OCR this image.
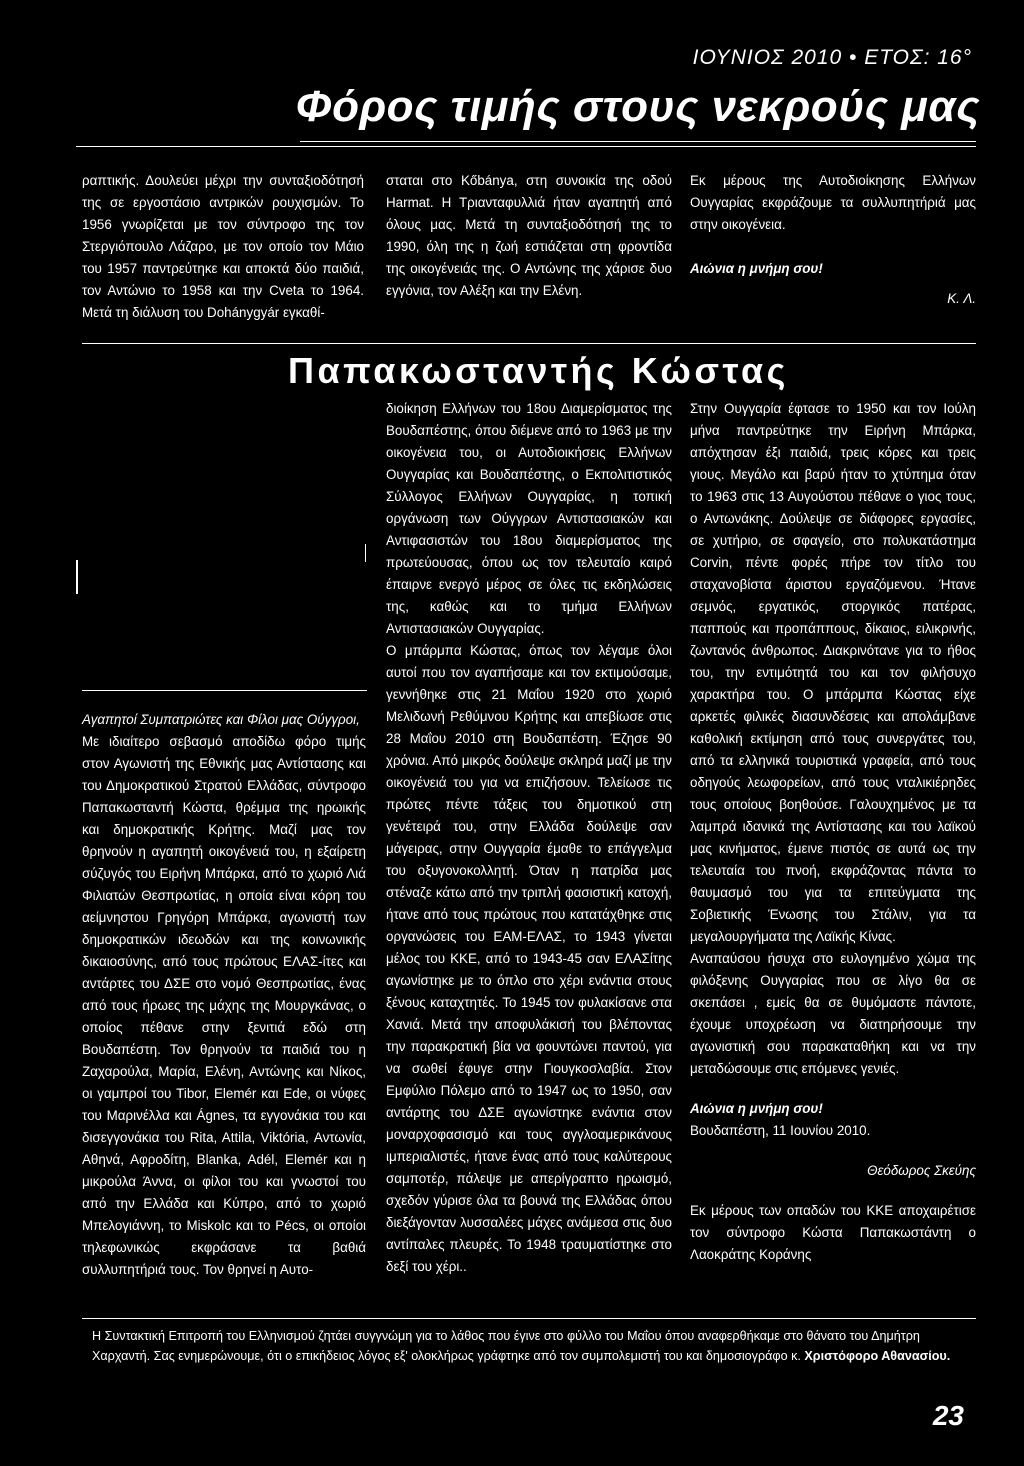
ΙΟΥΝΙΟΣ 2010 • ΕΤΟΣ: 16°
Φόρος τιμής στους νεκρούς μας

ραπτικής. Δουλεύει μέχρι την συνταξιοδότησή της σε εργοστάσιο αντρικών ρουχισμών. Το 1956 γνωρίζεται με τον σύντροφο της τον Στεργιόπουλο Λάζαρο, με τον οποίο τον Μάιο του 1957 παντρεύτηκε και αποκτά δύο παιδιά, τον Αντώνιο το 1958 και την Cveta το 1964. Μετά τη διάλυση του Dohánygyár εγκαθί-

σταται στο Kőbánya, στη συνοικία της οδού Harmat. Η Τριανταφυλλιά ήταν αγαπητή από όλους μας. Μετά τη συνταξιοδότησή της το 1990, όλη της η ζωή εστιάζεται στη φροντίδα της οικογένειάς της. Ο Αντώνης της χάρισε δυο εγγόνια, τον Αλέξη και την Ελένη.

Εκ μέρους της Αυτοδιοίκησης Ελλήνων Ουγγαρίας εκφράζουμε τα συλλυπητήριά μας στην οικογένεια.

Αιώνια η μνήμη σου!

Κ. Λ.

Παπακωσταντής Κώστας

Αγαπητοί Συμπατριώτες και Φίλοι μας Ούγγροι,

Με ιδιαίτερο σεβασμό αποδίδω φόρο τιμής στον Αγωνιστή της Εθνικής μας Αντίστασης και του Δημοκρατικού Στρατού Ελλάδας, σύντροφο Παπακωσταντή Κώστα, θρέμμα της ηρωικής και δημοκρατικής Κρήτης. Μαζί μας τον θρηνούν η αγαπητή οικογένειά του, η εξαίρετη σύζυγός του Ειρήνη Μπάρκα, από το χωριό Λιά Φιλιατών Θεσπρωτίας, η οποία είναι κόρη του αείμνηστου Γρηγόρη Μπάρκα, αγωνιστή των δημοκρατικών ιδεωδών και της κοινωνικής δικαιοσύνης, από τους πρώτους ΕΛΑΣ-ίτες και αντάρτες του ΔΣΕ στο νομό Θεσπρωτίας, ένας από τους ήρωες της μάχης της Μουργκάνας, ο οποίος πέθανε στην ξενιτιά εδώ στη Βουδαπέστη. Τον θρηνούν τα παιδιά του η Ζαχαρούλα, Μαρία, Ελένη, Αντώνης και Νίκος, οι γαμπροί του Tibor, Elemér και Ede, οι νύφες του Μαρινέλλα και Ágnes, τα εγγονάκια του και δισεγγονάκια του Rita, Attila, Viktória, Αντωνία, Αθηνά, Αφροδίτη, Blanka, Adél, Elemér και η μικρούλα Άννα, οι φίλοι του και γνωστοί του από την Ελλάδα και Κύπρο, από το χωριό Μπελογιάννη, το Miskolc και το Pécs, οι οποίοι τηλεφωνικώς εκφράσανε τα βαθιά συλλυπητήριά τους. Τον θρηνεί η Αυτο-

διοίκηση Ελλήνων του 18ου Διαμερίσματος της Βουδαπέστης, όπου διέμενε από το 1963 με την οικογένεια του, οι Αυτοδιοικήσεις Ελλήνων Ουγγαρίας και Βουδαπέστης, ο Εκπολιτιστικός Σύλλογος Ελλήνων Ουγγαρίας, η τοπική οργάνωση των Ούγγρων Αντιστασιακών και Αντιφασιστών του 18ου διαμερίσματος της πρωτεύουσας, όπου ως τον τελευταίο καιρό έπαιρνε ενεργό μέρος σε όλες τις εκδηλώσεις της, καθώς και το τμήμα Ελλήνων Αντιστασιακών Ουγγαρίας.

Ο μπάρμπα Κώστας, όπως τον λέγαμε όλοι αυτοί που τον αγαπήσαμε και τον εκτιμούσαμε, γεννήθηκε στις 21 Μαΐου 1920 στο χωριό Μελιδωνή Ρεθύμνου Κρήτης και απεβίωσε στις 28 Μαΐου 2010 στη Βουδαπέστη. Έζησε 90 χρόνια. Από μικρός δούλεψε σκληρά μαζί με την οικογένειά του για να επιζήσουν. Τελείωσε τις πρώτες πέντε τάξεις του δημοτικού στη γενέτειρά του, στην Ελλάδα δούλεψε σαν μάγειρας, στην Ουγγαρία έμαθε το επάγγελμα του οξυγονοκολλητή. Όταν η πατρίδα μας στέναζε κάτω από την τριπλή φασιστική κατοχή, ήτανε από τους πρώτους που κατατάχθηκε στις οργανώσεις του ΕΑΜ-ΕΛΑΣ, το 1943 γίνεται μέλος του ΚΚΕ, από το 1943-45 σαν ΕΛΑΣίτης αγωνίστηκε με το όπλο στο χέρι ενάντια στους ξένους καταχτητές. Το 1945 τον φυλακίσανε στα Χανιά. Μετά την αποφυλάκισή του βλέποντας την παρακρατική βία να φουντώνει παντού, για να σωθεί έφυγε στην Γιουγκοσλαβία. Στον Εμφύλιο Πόλεμο από το 1947 ως το 1950, σαν αντάρτης του ΔΣΕ αγωνίστηκε ενάντια στον μοναρχοφασισμό και τους αγγλοαμερικάνους ιμπεριαλιστές, ήτανε ένας από τους καλύτερους σαμποτέρ, πάλεψε με απερίγραπτο ηρωισμό, σχεδόν γύρισε όλα τα βουνά της Ελλάδας όπου διεξάγονταν λυσσαλέες μάχες ανάμεσα στις δυο αντίπαλες πλευρές. Το 1948 τραυματίστηκε στο δεξί του χέρι..

Στην Ουγγαρία έφτασε το 1950 και τον Ιούλη μήνα παντρεύτηκε την Ειρήνη Μπάρκα, απόχτησαν έξι παιδιά, τρεις κόρες και τρεις γιους. Μεγάλο και βαρύ ήταν το χτύπημα όταν το 1963 στις 13 Αυγούστου πέθανε ο γιος τους, ο Αντωνάκης. Δούλεψε σε διάφορες εργασίες, σε χυτήριο, σε σφαγείο, στο πολυκατάστημα Corvin, πέντε φορές πήρε τον τίτλο του σταχανοβίστα άριστου εργαζόμενου. Ήτανε σεμνός, εργατικός, στοργικός πατέρας, παππούς και προπάππους, δίκαιος, ειλικρινής, ζωντανός άνθρωπος. Διακρινότανε για το ήθος του, την εντιμότητά του και τον φιλήσυχο χαρακτήρα του. Ο μπάρμπα Κώστας είχε αρκετές φιλικές διασυνδέσεις και απολάμβανε καθολική εκτίμηση από τους συνεργάτες του, από τα ελληνικά τουριστικά γραφεία, από τους οδηγούς λεωφορείων, από τους νταλικιέρηδες τους οποίους βοηθούσε. Γαλουχημένος με τα λαμπρά ιδανικά της Αντίστασης και του λαϊκού μας κινήματος, έμεινε πιστός σε αυτά ως την τελευταία του πνοή, εκφράζοντας πάντα το θαυμασμό του για τα επιτεύγματα της Σοβιετικής Ένωσης του Στάλιν, για τα μεγαλουργήματα της Λαϊκής Κίνας.

Αναπαύσου ήσυχα στο ευλογημένο χώμα της φιλόξενης Ουγγαρίας που σε λίγο θα σε σκεπάσει , εμείς θα σε θυμόμαστε πάντοτε, έχουμε υποχρέωση να διατηρήσουμε την αγωνιστική σου παρακαταθήκη και να την μεταδώσουμε στις επόμενες γενιές.

Αιώνια η μνήμη σου!

Βουδαπέστη, 11 Ιουνίου 2010.

Θεόδωρος Σκεύης

Εκ μέρους των οπαδών του ΚΚΕ αποχαιρέτισε τον σύντροφο Κώστα Παπακωστάντη ο Λαοκράτης Κοράνης

Η Συντακτική Επιτροπή του Ελληνισμού ζητάει συγγνώμη για το λάθος που έγινε στο φύλλο του Μαΐου όπου αναφερθήκαμε στο θάνατο του Δημήτρη Χαρχαντή. Σας ενημερώνουμε, ότι ο επικήδειος λόγος εξ' ολοκλήρως γράφτηκε από τον συμπολεμιστή του και δημοσιογράφο κ. Χριστόφορο Αθανασίου.
23
